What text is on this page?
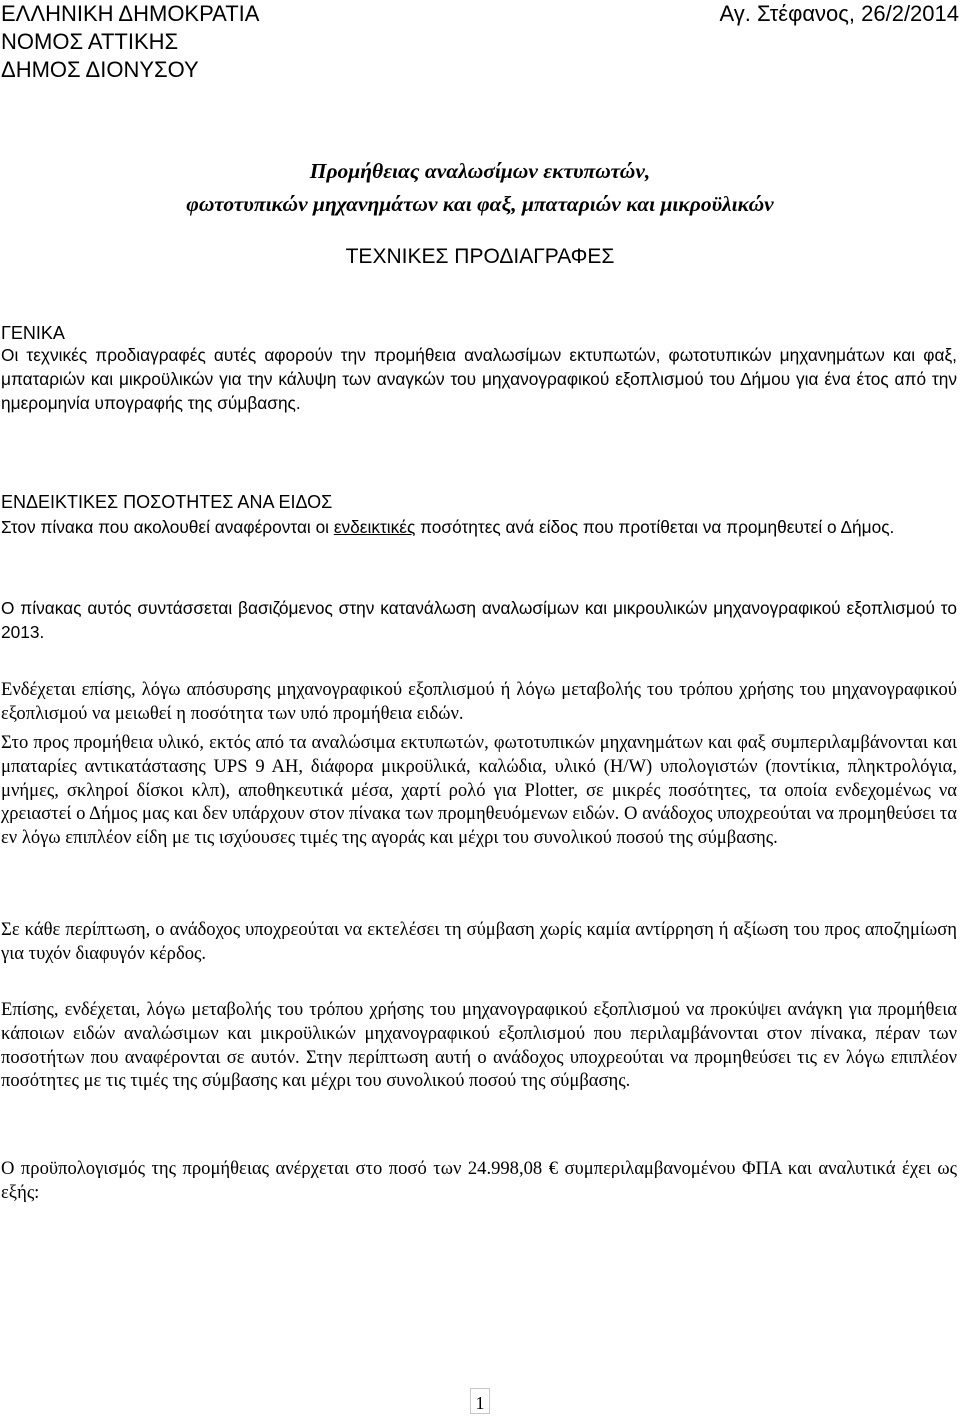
ΕΛΛΗΝΙΚΗ ΔΗΜΟΚΡΑΤΙΑ	Αγ. Στέφανος, 26/2/2014
ΝΟΜΟΣ ΑΤΤΙΚΗΣ
ΔΗΜΟΣ ΔΙΟΝΥΣΟΥ
Προμήθειας αναλωσίμων εκτυπωτών,
φωτοτυπικών μηχανημάτων και φαξ, μπαταριών και μικροϋλικών
ΤΕΧΝΙΚΕΣ ΠΡΟΔΙΑΓΡΑΦΕΣ
ΓΕΝΙΚΑ
Οι τεχνικές προδιαγραφές αυτές αφορούν την προμήθεια αναλωσίμων εκτυπωτών, φωτοτυπικών μηχανημάτων και φαξ, μπαταριών και μικροϋλικών για την κάλυψη των αναγκών του μηχανογραφικού εξοπλισμού του Δήμου για ένα έτος από την ημερομηνία υπογραφής της σύμβασης.
ΕΝΔΕΙΚΤΙΚΕΣ ΠΟΣΟΤΗΤΕΣ ΑΝΑ ΕΙΔΟΣ
Στον πίνακα που ακολουθεί αναφέρονται οι ενδεικτικές ποσότητες ανά είδος που προτίθεται να προμηθευτεί ο Δήμος.
Ο πίνακας αυτός συντάσσεται βασιζόμενος στην κατανάλωση αναλωσίμων και μικρουλικών μηχανογραφικού εξοπλισμού το 2013.
Ενδέχεται επίσης, λόγω απόσυρσης μηχανογραφικού εξοπλισμού ή λόγω μεταβολής του τρόπου χρήσης του μηχανογραφικού εξοπλισμού να μειωθεί η ποσότητα των υπό προμήθεια ειδών.
Στο προς προμήθεια υλικό, εκτός από τα αναλώσιμα εκτυπωτών, φωτοτυπικών μηχανημάτων και φαξ συμπεριλαμβάνονται και μπαταρίες αντικατάστασης UPS 9 AH, διάφορα μικροϋλικά, καλώδια, υλικό (H/W) υπολογιστών (ποντίκια, πληκτρολόγια, μνήμες, σκληροί δίσκοι κλπ), αποθηκευτικά μέσα, χαρτί ρολό για Plotter, σε μικρές ποσότητες, τα οποία ενδεχομένως να χρειαστεί ο Δήμος μας και δεν υπάρχουν στον πίνακα των προμηθευόμενων ειδών. Ο ανάδοχος υποχρεούται να προμηθεύσει τα εν λόγω επιπλέον είδη με τις ισχύουσες τιμές της αγοράς και μέχρι του συνολικού ποσού της σύμβασης.
Σε κάθε περίπτωση, ο ανάδοχος υποχρεούται να εκτελέσει τη σύμβαση χωρίς καμία αντίρρηση ή αξίωση του προς αποζημίωση για τυχόν διαφυγόν κέρδος.
Επίσης, ενδέχεται, λόγω μεταβολής του τρόπου χρήσης του μηχανογραφικού εξοπλισμού να προκύψει ανάγκη για προμήθεια κάποιων ειδών αναλώσιμων και μικροϋλικών μηχανογραφικού εξοπλισμού που περιλαμβάνονται στον πίνακα, πέραν των ποσοτήτων που αναφέρονται σε αυτόν. Στην περίπτωση αυτή ο ανάδοχος υποχρεούται να προμηθεύσει τις εν λόγω επιπλέον ποσότητες με τις τιμές της σύμβασης και μέχρι του συνολικού ποσού της σύμβασης.
Ο προϋπολογισμός της προμήθειας ανέρχεται στο ποσό των 24.998,08 € συμπεριλαμβανομένου ΦΠΑ και αναλυτικά έχει ως εξής:
1
